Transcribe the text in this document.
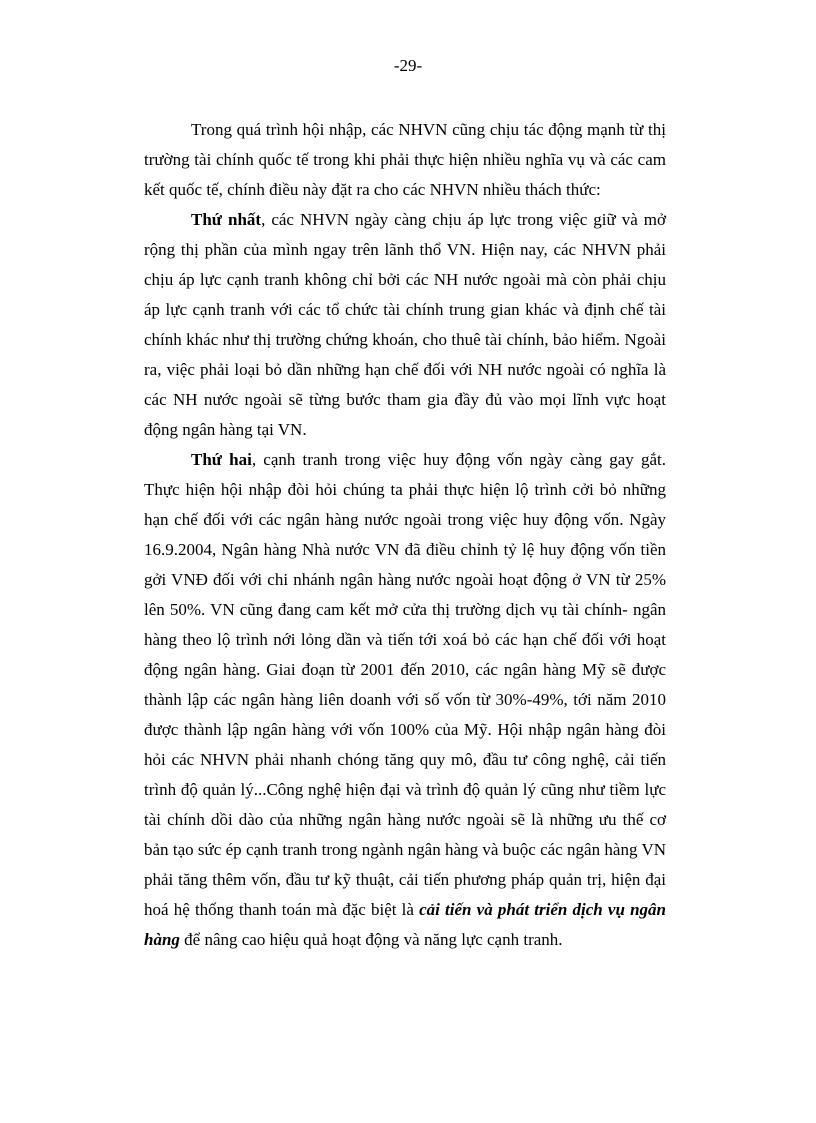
-29-

Trong quá trình hội nhập, các NHVN cũng chịu tác động mạnh từ thị trường tài chính quốc tế trong khi phải thực hiện nhiều nghĩa vụ và các cam kết quốc tế, chính điều này đặt ra cho các NHVN nhiều thách thức:

Thứ nhất, các NHVN ngày càng chịu áp lực trong việc giữ và mở rộng thị phần của mình ngay trên lãnh thổ VN. Hiện nay, các NHVN phải chịu áp lực cạnh tranh không chỉ bởi các NH nước ngoài mà còn phải chịu áp lực cạnh tranh với các tổ chức tài chính trung gian khác và định chế tài chính khác như thị trường chứng khoán, cho thuê tài chính, bảo hiểm. Ngoài ra, việc phải loại bỏ dần những hạn chế đối với NH nước ngoài có nghĩa là các NH nước ngoài sẽ từng bước tham gia đầy đủ vào mọi lĩnh vực hoạt động ngân hàng tại VN.

Thứ hai, cạnh tranh trong việc huy động vốn ngày càng gay gắt. Thực hiện hội nhập đòi hỏi chúng ta phải thực hiện lộ trình cởi bỏ những hạn chế đối với các ngân hàng nước ngoài trong việc huy động vốn. Ngày 16.9.2004, Ngân hàng Nhà nước VN đã điều chỉnh tỷ lệ huy động vốn tiền gởi VNĐ đối với chi nhánh ngân hàng nước ngoài hoạt động ở VN từ 25% lên 50%. VN cũng đang cam kết mở cửa thị trường dịch vụ tài chính- ngân hàng theo lộ trình nới lỏng dần và tiến tới xoá bỏ các hạn chế đối với hoạt động ngân hàng. Giai đoạn từ 2001 đến 2010, các ngân hàng Mỹ sẽ được thành lập các ngân hàng liên doanh với số vốn từ 30%-49%, tới năm 2010 được thành lập ngân hàng với vốn 100% của Mỹ. Hội nhập ngân hàng đòi hỏi các NHVN phải nhanh chóng tăng quy mô, đầu tư công nghệ, cải tiến trình độ quản lý...Công nghệ hiện đại và trình độ quản lý cũng như tiềm lực tài chính dồi dào của những ngân hàng nước ngoài sẽ là những ưu thế cơ bản tạo sức ép cạnh tranh trong ngành ngân hàng và buộc các ngân hàng VN phải tăng thêm vốn, đầu tư kỹ thuật, cải tiến phương pháp quản trị, hiện đại hoá hệ thống thanh toán mà đặc biệt là cải tiến và phát triển dịch vụ ngân hàng để nâng cao hiệu quả hoạt động và năng lực cạnh tranh.
